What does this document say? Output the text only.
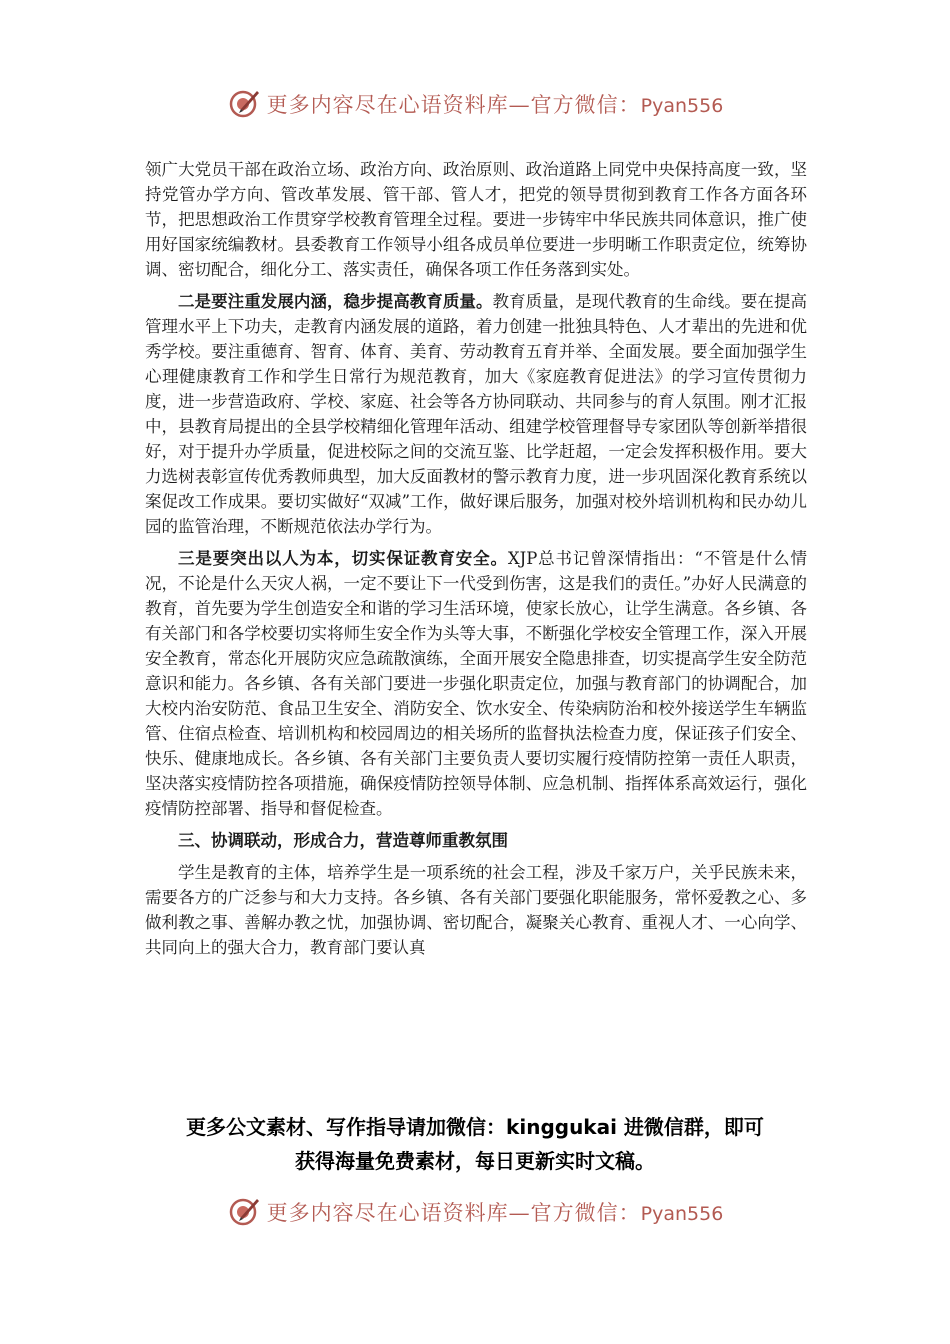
更多内容尽在心语资料库—官方微信：Pyan556

领广大党员干部在政治立场、政治方向、政治原则、政治道路上同党中央保持高度一致，坚持党管办学方向、管改革发展、管干部、管人才，把党的领导贯彻到教育工作各方面各环节，把思想政治工作贯穿学校教育管理全过程。要进一步铸牢中华民族共同体意识，推广使用好国家统编教材。县委教育工作领导小组各成员单位要进一步明晰工作职责定位，统筹协调、密切配合，细化分工、落实责任，确保各项工作任务落到实处。

二是要注重发展内涵，稳步提高教育质量。教育质量，是现代教育的生命线。要在提高管理水平上下功夫，走教育内涵发展的道路，着力创建一批独具特色、人才辈出的先进和优秀学校。要注重德育、智育、体育、美育、劳动教育五育并举、全面发展。要全面加强学生心理健康教育工作和学生日常行为规范教育，加大《家庭教育促进法》的学习宣传贯彻力度，进一步营造政府、学校、家庭、社会等各方协同联动、共同参与的育人氛围。刚才汇报中，县教育局提出的全县学校精细化管理年活动、组建学校管理督导专家团队等创新举措很好，对于提升办学质量，促进校际之间的交流互鉴、比学赶超，一定会发挥积极作用。要大力选树表彰宣传优秀教师典型，加大反面教材的警示教育力度，进一步巩固深化教育系统以案促改工作成果。要切实做好“双减”工作，做好课后服务，加强对校外培训机构和民办幼儿园的监管治理，不断规范依法办学行为。

三是要突出以人为本，切实保证教育安全。XJP总书记曾深情指出：“不管是什么情况，不论是什么天灾人祸，一定不要让下一代受到伤害，这是我们的责任。”办好人民满意的教育，首先要为学生创造安全和谐的学习生活环境，使家长放心，让学生满意。各乡镇、各有关部门和各学校要切实将师生安全作为头等大事，不断强化学校安全管理工作，深入开展安全教育，常态化开展防灾应急疏散演练，全面开展安全隐患排查，切实提高学生安全防范意识和能力。各乡镇、各有关部门要进一步强化职责定位，加强与教育部门的协调配合，加大校内治安防范、食品卫生安全、消防安全、饮水安全、传染病防治和校外接送学生车辆监管、住宿点检查、培训机构和校园周边的相关场所的监督执法检查力度，保证孩子们安全、快乐、健康地成长。各乡镇、各有关部门主要负责人要切实履行疫情防控第一责任人职责，坚决落实疫情防控各项措施，确保疫情防控领导体制、应急机制、指挥体系高效运行，强化疫情防控部署、指导和督促检查。

三、协调联动，形成合力，营造尊师重教氛围

学生是教育的主体，培养学生是一项系统的社会工程，涉及千家万户，关乎民族未来，需要各方的广泛参与和大力支持。各乡镇、各有关部门要强化职能服务，常怀爱教之心、多做利教之事、善解办教之忧，加强协调、密切配合，凝聚关心教育、重视人才、一心向学、共同向上的强大合力，教育部门要认真

更多公文素材、写作指导请加微信：kinggukai 进微信群，即可
获得海量免费素材，每日更新实时文稿。
更多内容尽在心语资料库—官方微信：Pyan556
